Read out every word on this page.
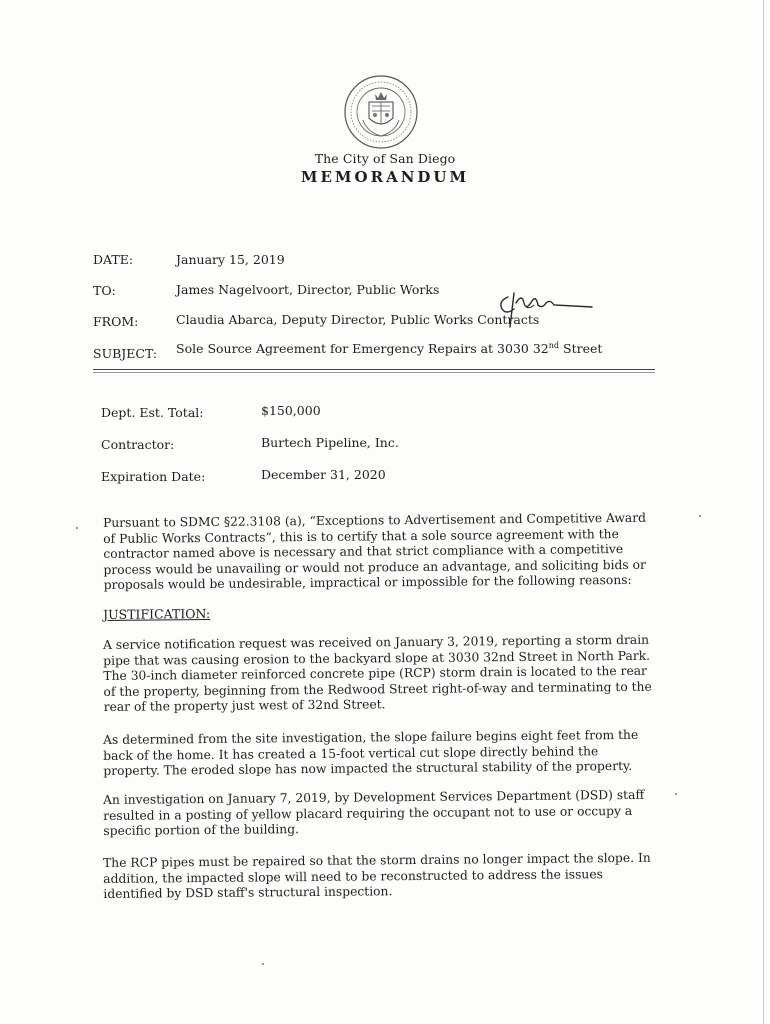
The City of San Diego
MEMORANDUM
DATE:	January 15, 2019
TO:	James Nagelvoort, Director, Public Works
FROM:	Claudia Abarca, Deputy Director, Public Works Contracts
SUBJECT: Sole Source Agreement for Emergency Repairs at 3030 32nd Street
Dept. Est. Total:	$150,000
Contractor:	Burtech Pipeline, Inc.
Expiration Date:	December 31, 2020
Pursuant to SDMC §22.3108 (a), “Exceptions to Advertisement and Competitive Award of Public Works Contracts”, this is to certify that a sole source agreement with the contractor named above is necessary and that strict compliance with a competitive process would be unavailing or would not produce an advantage, and soliciting bids or proposals would be undesirable, impractical or impossible for the following reasons:
JUSTIFICATION:
A service notification request was received on January 3, 2019, reporting a storm drain pipe that was causing erosion to the backyard slope at 3030 32nd Street in North Park. The 30-inch diameter reinforced concrete pipe (RCP) storm drain is located to the rear of the property, beginning from the Redwood Street right-of-way and terminating to the rear of the property just west of 32nd Street.
As determined from the site investigation, the slope failure begins eight feet from the back of the home. It has created a 15-foot vertical cut slope directly behind the property. The eroded slope has now impacted the structural stability of the property.
An investigation on January 7, 2019, by Development Services Department (DSD) staff resulted in a posting of yellow placard requiring the occupant not to use or occupy a specific portion of the building.
The RCP pipes must be repaired so that the storm drains no longer impact the slope. In addition, the impacted slope will need to be reconstructed to address the issues identified by DSD staff's structural inspection.
